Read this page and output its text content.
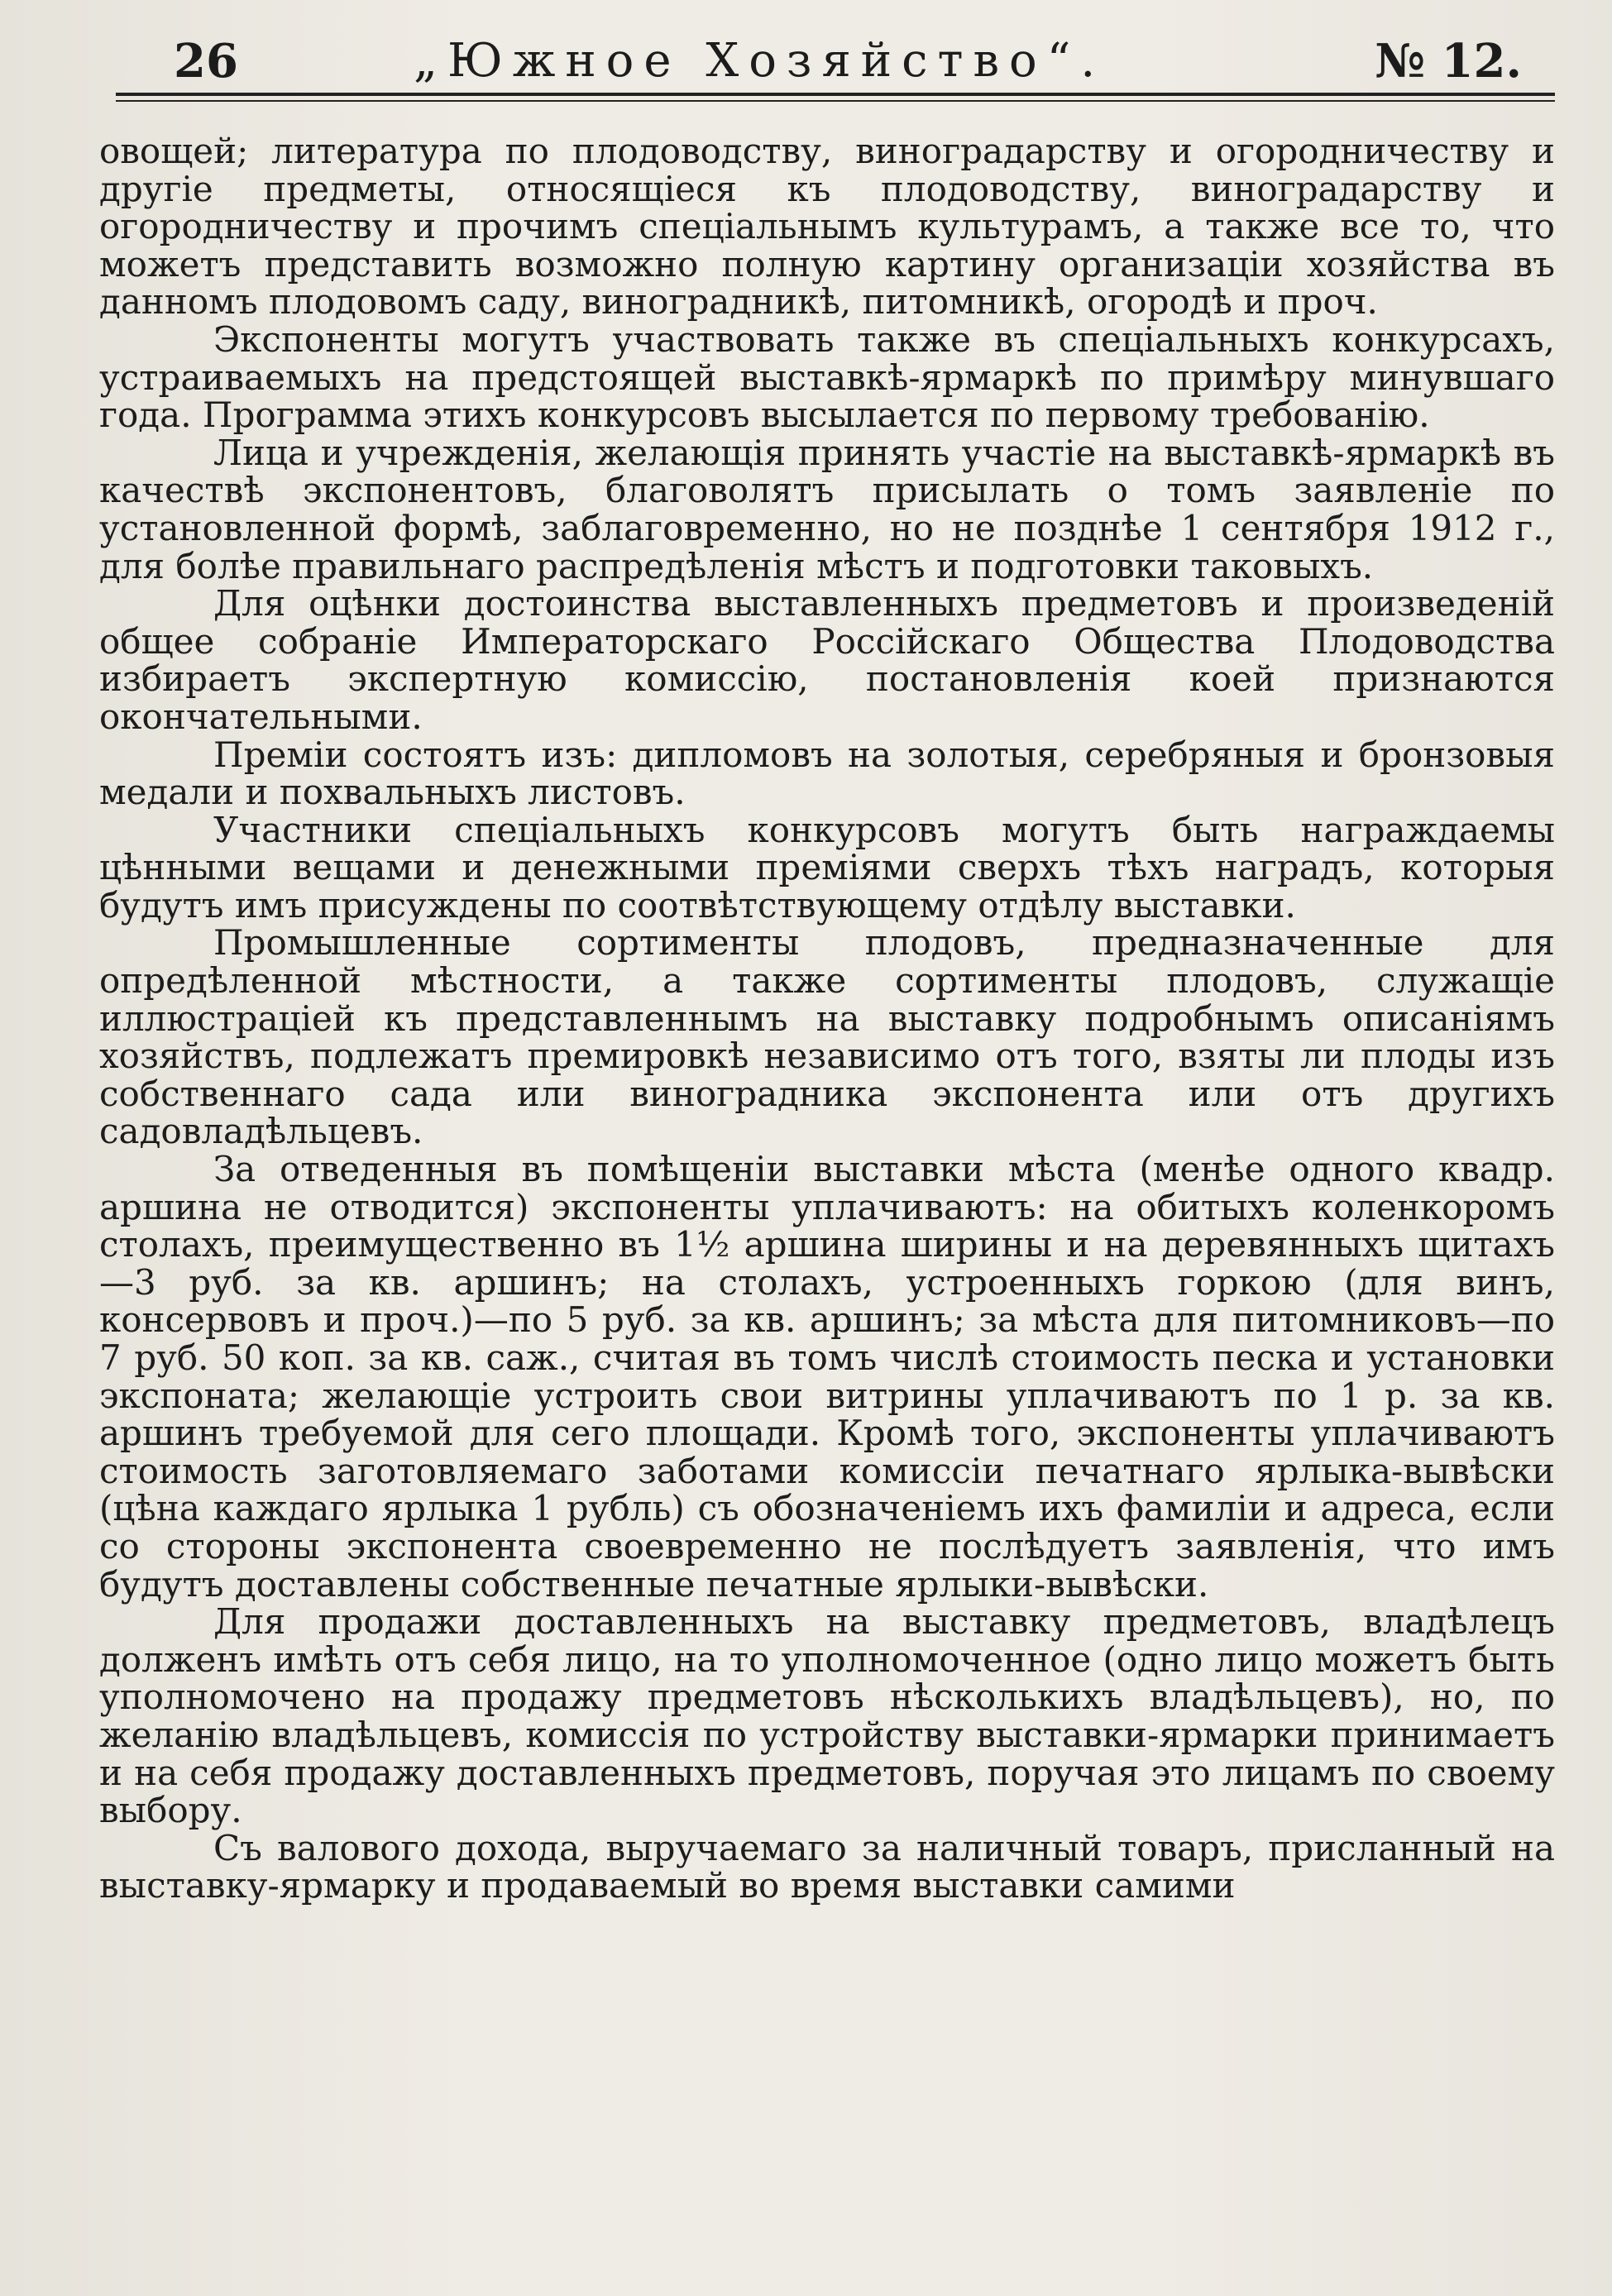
26	„Южное Хозяйство“.	№ 12.

овощей; литература по плодоводству, виноградарству и огородничеству и другіе предметы, относящіеся къ плодоводству, виноградарству и огородничеству и прочимъ спеціальнымъ культурамъ, а также все то, что можетъ представить возможно полную картину организаціи хозяйства въ данномъ плодовомъ саду, виноградникѣ, питомникѣ, огородѣ и проч.

Экспоненты могутъ участвовать также въ спеціальныхъ конкурсахъ, устраиваемыхъ на предстоящей выставкѣ-ярмаркѣ по примѣру минувшаго года. Программа этихъ конкурсовъ высылается по первому требованію.

Лица и учрежденія, желающія принять участіе на выставкѣ-ярмаркѣ въ качествѣ экспонентовъ, благоволятъ присылать о томъ заявленіе по установленной формѣ, заблаговременно, но не позднѣе 1 сентября 1912 г., для болѣе правильнаго распредѣленія мѣстъ и подготовки таковыхъ.

Для оцѣнки достоинства выставленныхъ предметовъ и произведеній общее собраніе Императорскаго Россійскаго Общества Плодоводства избираетъ экспертную комиссію, постановленія коей признаются окончательными.

Преміи состоятъ изъ: дипломовъ на золотыя, серебряныя и бронзовыя медали и похвальныхъ листовъ.

Участники спеціальныхъ конкурсовъ могутъ быть награждаемы цѣнными вещами и денежными преміями сверхъ тѣхъ наградъ, которыя будутъ имъ присуждены по соотвѣтствующему отдѣлу выставки.

Промышленные сортименты плодовъ, предназначенные для опредѣленной мѣстности, а также сортименты плодовъ, служащіе иллюстраціей къ представленнымъ на выставку подробнымъ описаніямъ хозяйствъ, подлежатъ премировкѣ независимо отъ того, взяты ли плоды изъ собственнаго сада или виноградника экспонента или отъ другихъ садовладѣльцевъ.

За отведенныя въ помѣщеніи выставки мѣста (менѣе одного квадр. аршина не отводится) экспоненты уплачиваютъ: на обитыхъ коленкоромъ столахъ, преимущественно въ 1½ аршина ширины и на деревянныхъ щитахъ—3 руб. за кв. аршинъ; на столахъ, устроенныхъ горкою (для винъ, консервовъ и проч.)—по 5 руб. за кв. аршинъ; за мѣста для питомниковъ—по 7 руб. 50 коп. за кв. саж., считая въ томъ числѣ стоимость песка и установки экспоната; желающіе устроить свои витрины уплачиваютъ по 1 р. за кв. аршинъ требуемой для сего площади. Кромѣ того, экспоненты уплачиваютъ стоимость заготовляемаго заботами комиссіи печатнаго ярлыка-вывѣски (цѣна каждаго ярлыка 1 рубль) съ обозначеніемъ ихъ фамиліи и адреса, если со стороны экспонента своевременно не послѣдуетъ заявленія, что имъ будутъ доставлены собственные печатные ярлыки-вывѣски.

Для продажи доставленныхъ на выставку предметовъ, владѣлецъ долженъ имѣть отъ себя лицо, на то уполномоченное (одно лицо можетъ быть уполномочено на продажу предметовъ нѣсколькихъ владѣльцевъ), но, по желанію владѣльцевъ, комиссія по устройству выставки-ярмарки принимаетъ и на себя продажу доставленныхъ предметовъ, поручая это лицамъ по своему выбору.

Съ валового дохода, выручаемаго за наличный товаръ, присланный на выставку-ярмарку и продаваемый во время выставки самими
